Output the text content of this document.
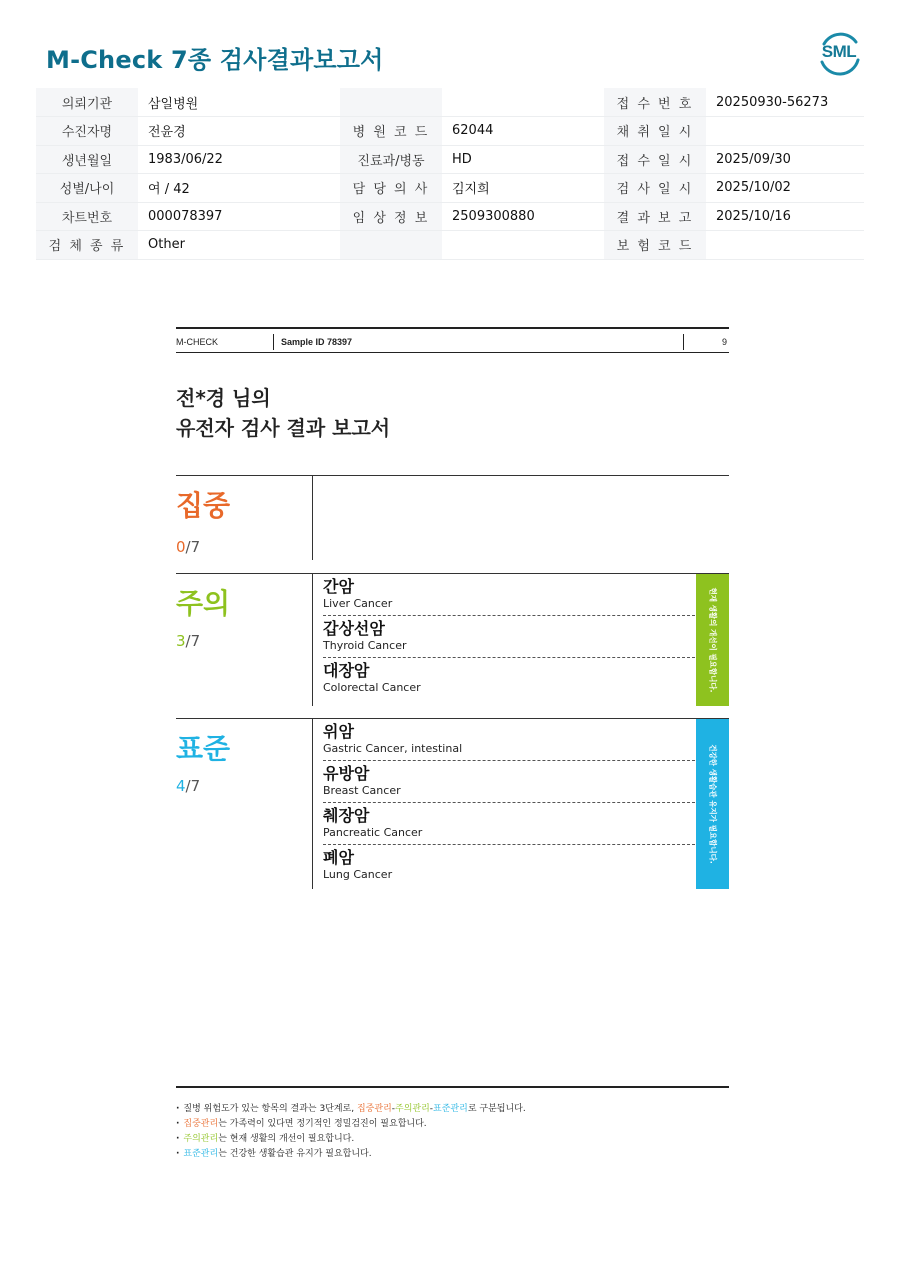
M-Check 7종 검사결과보고서	SML
의뢰기관	삼일병원			접 수 번 호	20250930-56273
수진자명	전윤경	병 원 코 드	62044	채 취 일 시	
생년월일	1983/06/22	진료과/병동	HD	접 수 일 시	2025/09/30
성별/나이	여 / 42	담 당 의 사	김지희	검 사 일 시	2025/10/02
차트번호	000078397	임 상 정 보	2509300880	결 과 보 고	2025/10/16
검 체 종 류	Other			보 험 코 드	
M-CHECK	Sample ID 78397	9
전*경 님의
유전자 검사 결과 보고서
집중
0/7
주의
3/7
간암
Liver Cancer
갑상선암
Thyroid Cancer
대장암
Colorectal Cancer	현재 생활의 개선이 필요합니다.
표준
4/7
위암
Gastric Cancer, intestinal
유방암
Breast Cancer
췌장암
Pancreatic Cancer
폐암
Lung Cancer
건강한 생활습관 유지가 필요합니다.
· 질병 위험도가 있는 항목의 결과는 3단계로, 집중관리-주의관리-표준관리로 구분됩니다.
· 집중관리는 가족력이 있다면 정기적인 정밀검진이 필요합니다.
· 주의관리는 현재 생활의 개선이 필요합니다.
· 표준관리는 건강한 생활습관 유지가 필요합니다.
